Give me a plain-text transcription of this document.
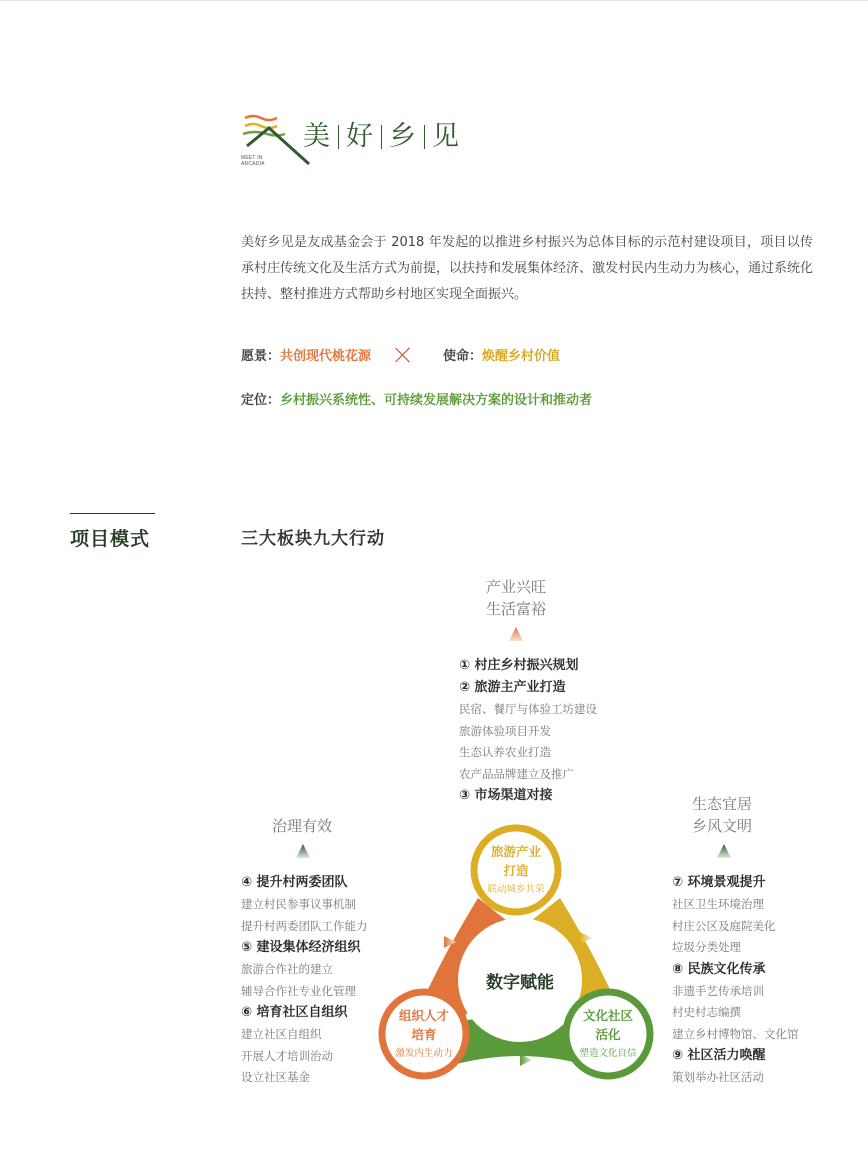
MEET IN ARCADIA
美 好 乡 见

美好乡见是友成基金会于 2018 年发起的以推进乡村振兴为总体目标的示范村建设项目，项目以传承村庄传统文化及生活方式为前提，以扶持和发展集体经济、激发村民内生动力为核心，通过系统化扶持、整村推进方式帮助乡村地区实现全面振兴。

愿景： 共创现代桃花源	使命： 焕醒乡村价值
定位： 乡村振兴系统性、可持续发展解决方案的设计和推动者
项目模式	三大板块九大行动
产业兴旺
生活富裕
治理有效
生态宜居
乡风文明
① 村庄乡村振兴规划
② 旅游主产业打造
民宿、餐厅与体验工坊建设
旅游体验项目开发
生态认养农业打造
农产品品牌建立及推广
③ 市场渠道对接
④ 提升村两委团队
建立村民参事议事机制
提升村两委团队工作能力
⑤ 建设集体经济组织
旅游合作社的建立
辅导合作社专业化管理
⑥ 培育社区自组织
建立社区自组织
开展人才培训治动
设立社区基金
⑦ 环境景观提升
社区卫生环境治理
村庄公区及庭院美化
垃圾分类处理
⑧ 民族文化传承
非遗手艺传承培训
村史村志编撰
建立乡村博物馆、文化馆
⑨ 社区活力唤醒
策划举办社区活动
数字赋能
旅游产业
打造
联动城乡共荣
组织人才
培育
激发内生动力
文化社区
活化
塑造文化自信
